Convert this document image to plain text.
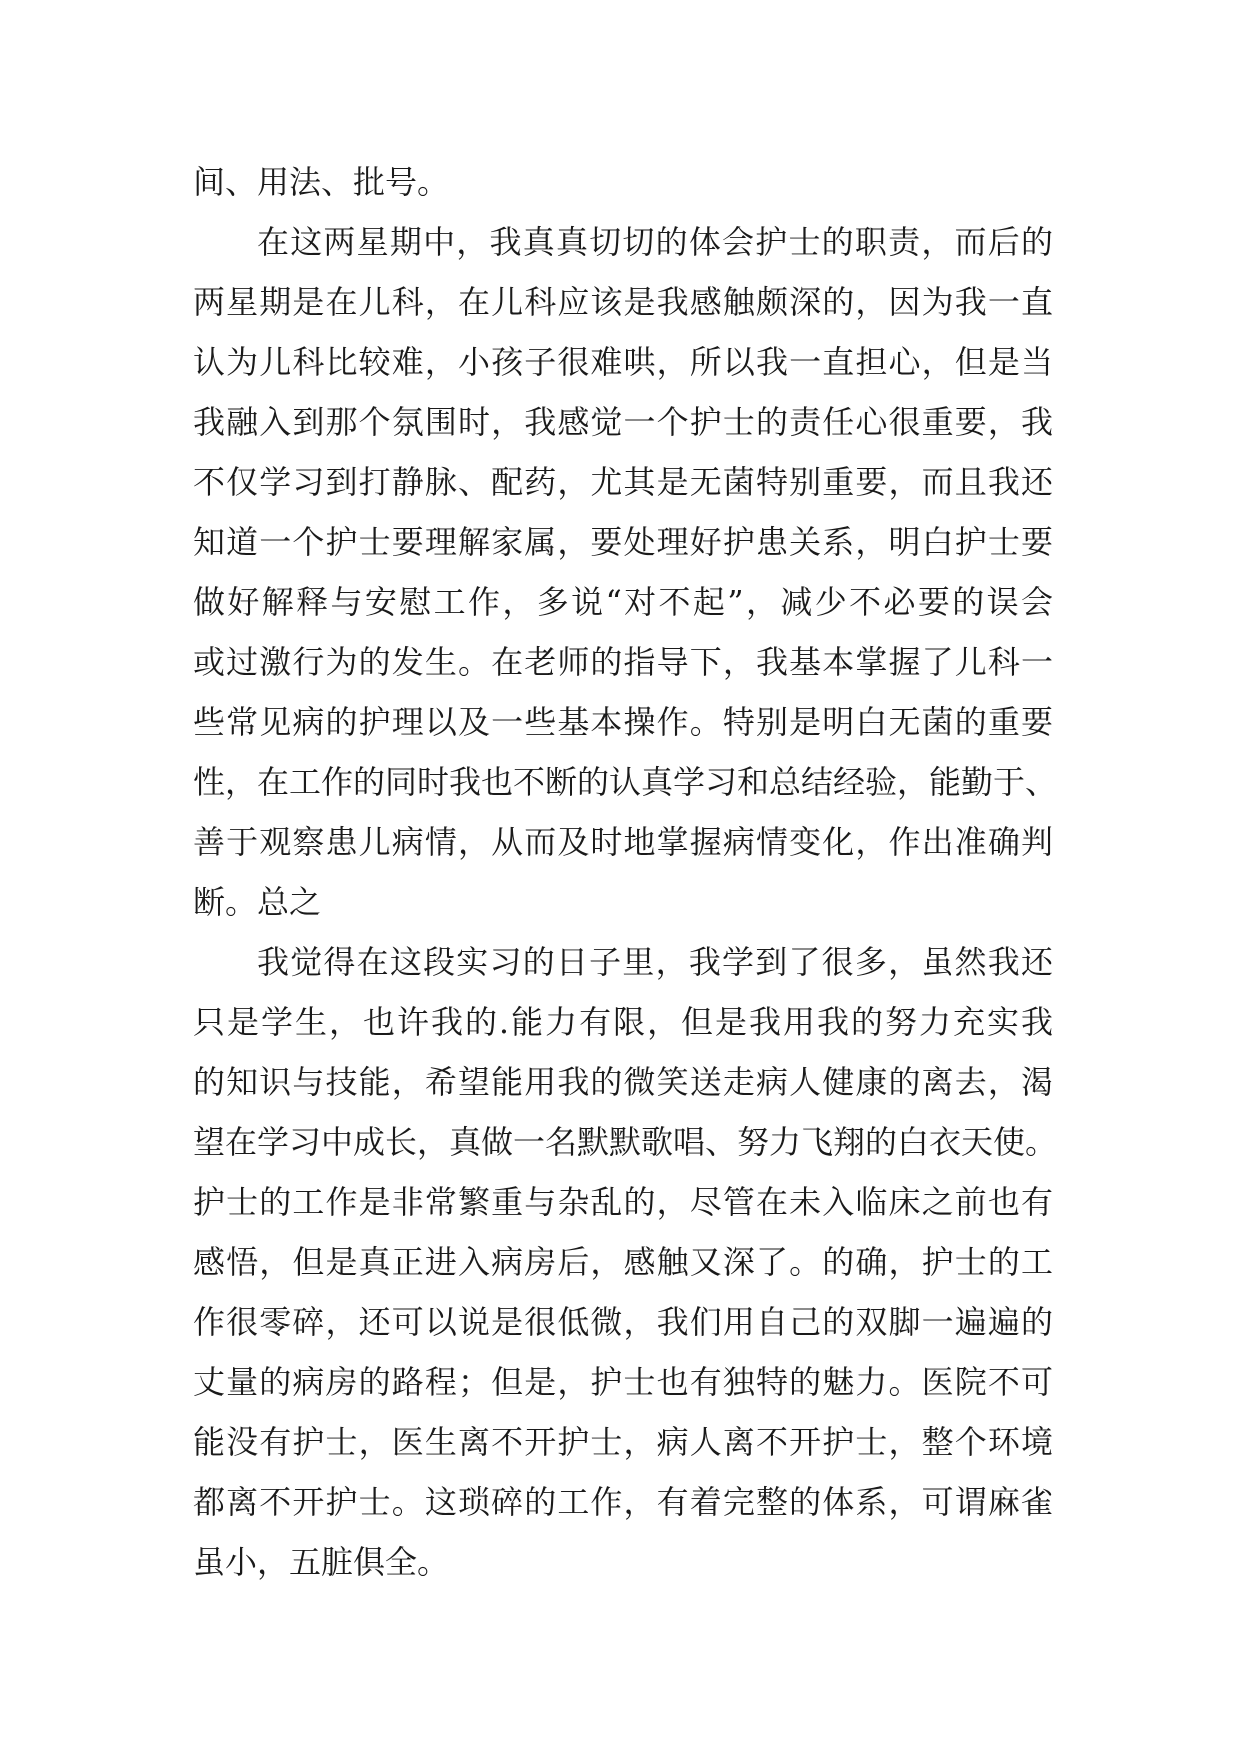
间、用法、批号。
在这两星期中，我真真切切的体会护士的职责，而后的
两星期是在儿科，在儿科应该是我感触颇深的，因为我一直
认为儿科比较难，小孩子很难哄，所以我一直担心，但是当
我融入到那个氛围时，我感觉一个护士的责任心很重要，我
不仅学习到打静脉、配药，尤其是无菌特别重要，而且我还
知道一个护士要理解家属，要处理好护患关系，明白护士要
做好解释与安慰工作，多说“对不起”，减少不必要的误会
或过激行为的发生。在老师的指导下，我基本掌握了儿科一
些常见病的护理以及一些基本操作。特别是明白无菌的重要
性，在工作的同时我也不断的认真学习和总结经验，能勤于、
善于观察患儿病情，从而及时地掌握病情变化，作出准确判
断。总之
我觉得在这段实习的日子里，我学到了很多，虽然我还
只是学生，也许我的.能力有限，但是我用我的努力充实我
的知识与技能，希望能用我的微笑送走病人健康的离去，渴
望在学习中成长，真做一名默默歌唱、努力飞翔的白衣天使。
护士的工作是非常繁重与杂乱的，尽管在未入临床之前也有
感悟，但是真正进入病房后，感触又深了。的确，护士的工
作很零碎，还可以说是很低微，我们用自己的双脚一遍遍的
丈量的病房的路程；但是，护士也有独特的魅力。医院不可
能没有护士，医生离不开护士，病人离不开护士，整个环境
都离不开护士。这琐碎的工作，有着完整的体系，可谓麻雀
虽小，五脏俱全。
